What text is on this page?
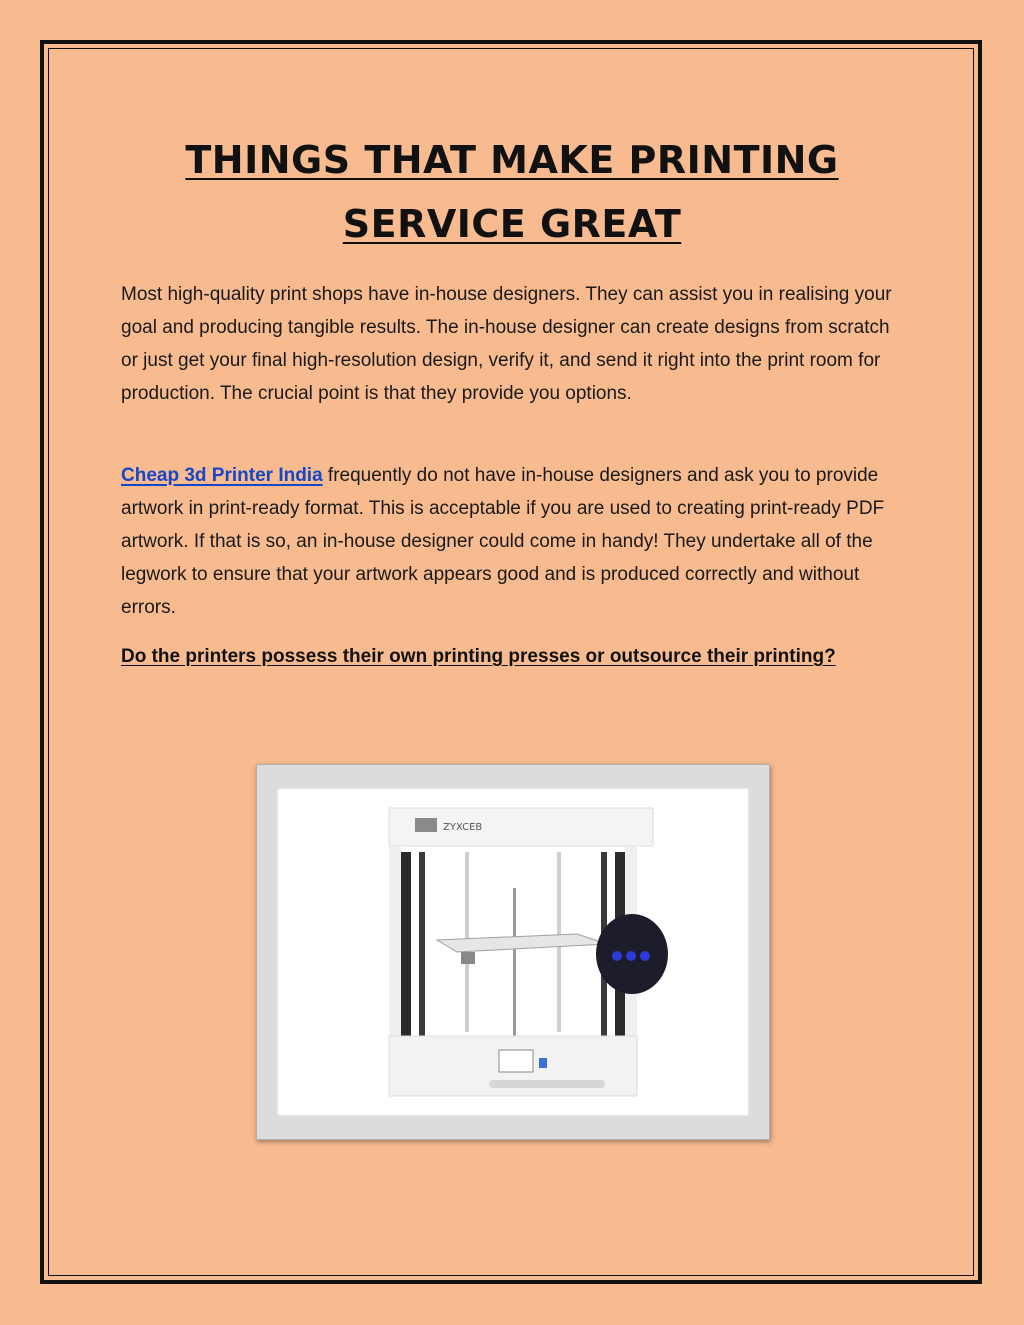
THINGS THAT MAKE PRINTING
SERVICE GREAT

Most high-quality print shops have in-house designers. They can assist you in realising your goal and producing tangible results. The in-house designer can create designs from scratch or just get your final high-resolution design, verify it, and send it right into the print room for production. The crucial point is that they provide you options.

Cheap 3d Printer India frequently do not have in-house designers and ask you to provide artwork in print-ready format. This is acceptable if you are used to creating print-ready PDF artwork. If that is so, an in-house designer could come in handy! They undertake all of the legwork to ensure that your artwork appears good and is produced correctly and without errors.

Do the printers possess their own printing presses or outsource their printing?

ZYXCEB
